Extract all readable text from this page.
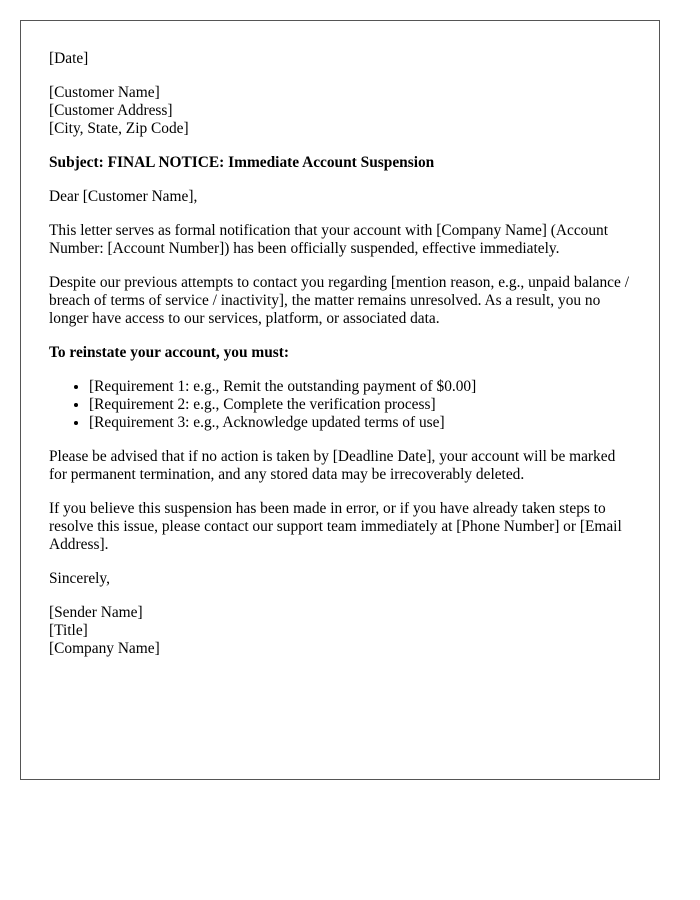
[Date]

[Customer Name]
[Customer Address]
[City, State, Zip Code]

Subject: FINAL NOTICE: Immediate Account Suspension

Dear [Customer Name],

This letter serves as formal notification that your account with [Company Name] (Account Number: [Account Number]) has been officially suspended, effective immediately.

Despite our previous attempts to contact you regarding [mention reason, e.g., unpaid balance / breach of terms of service / inactivity], the matter remains unresolved. As a result, you no longer have access to our services, platform, or associated data.

To reinstate your account, you must:

• [Requirement 1: e.g., Remit the outstanding payment of $0.00]
• [Requirement 2: e.g., Complete the verification process]
• [Requirement 3: e.g., Acknowledge updated terms of use]

Please be advised that if no action is taken by [Deadline Date], your account will be marked for permanent termination, and any stored data may be irrecoverably deleted.

If you believe this suspension has been made in error, or if you have already taken steps to resolve this issue, please contact our support team immediately at [Phone Number] or [Email Address].

Sincerely,

[Sender Name]
[Title]
[Company Name]
